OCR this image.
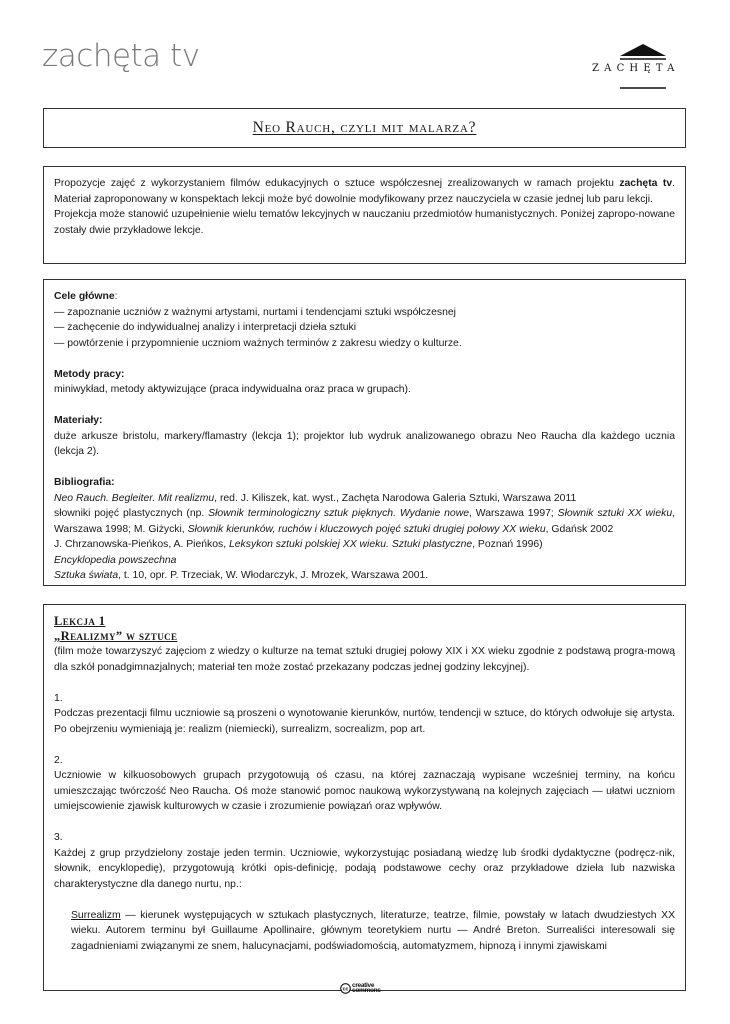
zachęta tv	ZACHĘTA
Neo Rauch, czyli mit malarza?

Propozycje zajęć z wykorzystaniem filmów edukacyjnych o sztuce współczesnej zrealizowanych w ramach projektu zachęta tv. Materiał zaproponowany w konspektach lekcji może być dowolnie modyfikowany przez nauczyciela w czasie jednej lub paru lekcji.

Projekcja może stanowić uzupełnienie wielu tematów lekcyjnych w nauczaniu przedmiotów humanistycznych. Poniżej zapropo-nowane zostały dwie przykładowe lekcje.

Cele główne:

— zapoznanie uczniów z ważnymi artystami, nurtami i tendencjami sztuki współczesnej

— zachęcenie do indywidualnej analizy i interpretacji dzieła sztuki

— powtórzenie i przypomnienie uczniom ważnych terminów z zakresu wiedzy o kulturze.

Metody pracy:

miniwykład, metody aktywizujące (praca indywidualna oraz praca w grupach).

Materiały:

duże arkusze bristolu, markery/flamastry (lekcja 1); projektor lub wydruk analizowanego obrazu Neo Raucha dla każdego ucznia (lekcja 2).

Bibliografia:

Neo Rauch. Begleiter. Mit realizmu, red. J. Kiliszek, kat. wyst., Zachęta Narodowa Galeria Sztuki, Warszawa 2011

słowniki pojęć plastycznych (np. Słownik terminologiczny sztuk pięknych. Wydanie nowe, Warszawa 1997; Słownik sztuki XX wieku, Warszawa 1998; M. Giżycki, Słownik kierunków, ruchów i kluczowych pojęć sztuki drugiej połowy XX wieku, Gdańsk 2002

J. Chrzanowska-Pieńkos, A. Pieńkos, Leksykon sztuki polskiej XX wieku. Sztuki plastyczne, Poznań 1996)

Encyklopedia powszechna

Sztuka świata, t. 10, opr. P. Trzeciak, W. Włodarczyk, J. Mrozek, Warszawa 2001.

Lekcja 1
„Realizmy” w sztuce

(film może towarzyszyć zajęciom z wiedzy o kulturze na temat sztuki drugiej połowy XIX i XX wieku zgodnie z podstawą progra-mową dla szkół ponadgimnazjalnych; materiał ten może zostać przekazany podczas jednej godziny lekcyjnej).

1.

Podczas prezentacji filmu uczniowie są proszeni o wynotowanie kierunków, nurtów, tendencji w sztuce, do których odwołuje się artysta. Po obejrzeniu wymieniają je: realizm (niemiecki), surrealizm, socrealizm, pop art.

2.

Uczniowie w kilkuosobowych grupach przygotowują oś czasu, na której zaznaczają wypisane wcześniej terminy, na końcu umieszczając twórczość Neo Raucha. Oś może stanowić pomoc naukową wykorzystywaną na kolejnych zajęciach — ułatwi uczniom umiejscowienie zjawisk kulturowych w czasie i zrozumienie powiązań oraz wpływów.

3.

Każdej z grup przydzielony zostaje jeden termin. Uczniowie, wykorzystując posiadaną wiedzę lub środki dydaktyczne (podręcz-nik, słownik, encyklopedię), przygotowują krótki opis-definicję, podają podstawowe cechy oraz przykładowe dzieła lub nazwiska charakterystyczne dla danego nurtu, np.:

Surrealizm — kierunek występujących w sztukach plastycznych, literaturze, teatrze, filmie, powstały w latach dwudziestych XX wieku. Autorem terminu był Guillaume Apollinaire, głównym teoretykiem nurtu — André Breton. Surrealiści interesowali się zagadnieniami związanymi ze snem, halucynacjami, podświadomością, automatyzmem, hipnozą i innymi zjawiskami

cc
creative
commons
